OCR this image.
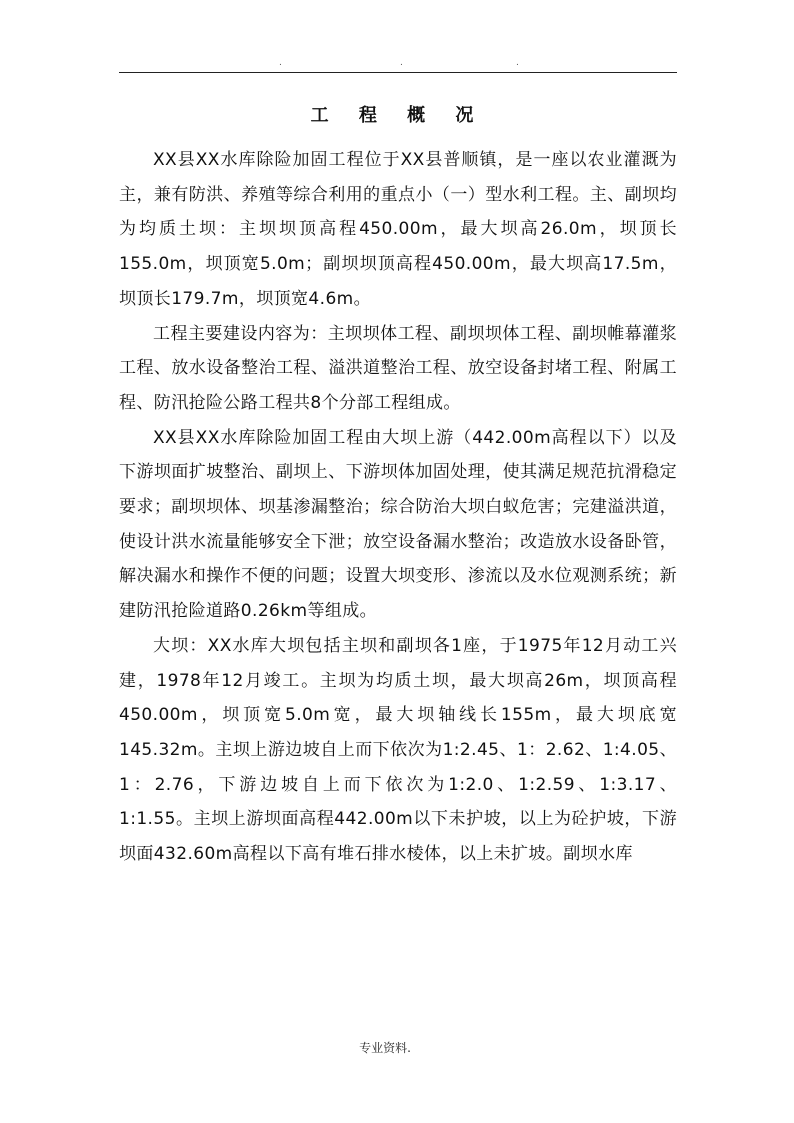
.	.	.
工 程 概 况

XX县XX水库除险加固工程位于XX县普顺镇，是一座以农业灌溉为主，兼有防洪、养殖等综合利用的重点小（一）型水利工程。主、副坝均为均质土坝：主坝坝顶高程450.00m，最大坝高26.0m，坝顶长155.0m，坝顶宽5.0m；副坝坝顶高程450.00m，最大坝高17.5m，坝顶长179.7m，坝顶宽4.6m。

工程主要建设内容为：主坝坝体工程、副坝坝体工程、副坝帷幕灌浆工程、放水设备整治工程、溢洪道整治工程、放空设备封堵工程、附属工程、防汛抢险公路工程共8个分部工程组成。

XX县XX水库除险加固工程由大坝上游（442.00m高程以下）以及下游坝面扩坡整治、副坝上、下游坝体加固处理，使其满足规范抗滑稳定要求；副坝坝体、坝基渗漏整治；综合防治大坝白蚁危害；完建溢洪道，使设计洪水流量能够安全下泄；放空设备漏水整治；改造放水设备卧管，解决漏水和操作不便的问题；设置大坝变形、渗流以及水位观测系统；新建防汛抢险道路0.26km等组成。

大坝：XX水库大坝包括主坝和副坝各1座，于1975年12月动工兴建，1978年12月竣工。主坝为均质土坝，最大坝高26m，坝顶高程450.00m，坝顶宽5.0m宽，最大坝轴线长155m，最大坝底宽145.32m。主坝上游边坡自上而下依次为1:2.45、1：2.62、1:4.05、1：2.76，下游边坡自上而下依次为1:2.0、1:2.59、1:3.17、1:1.55。主坝上游坝面高程442.00m以下未护坡，以上为砼护坡，下游坝面432.60m高程以下高有堆石排水棱体，以上未扩坡。副坝水库

专业资料.
